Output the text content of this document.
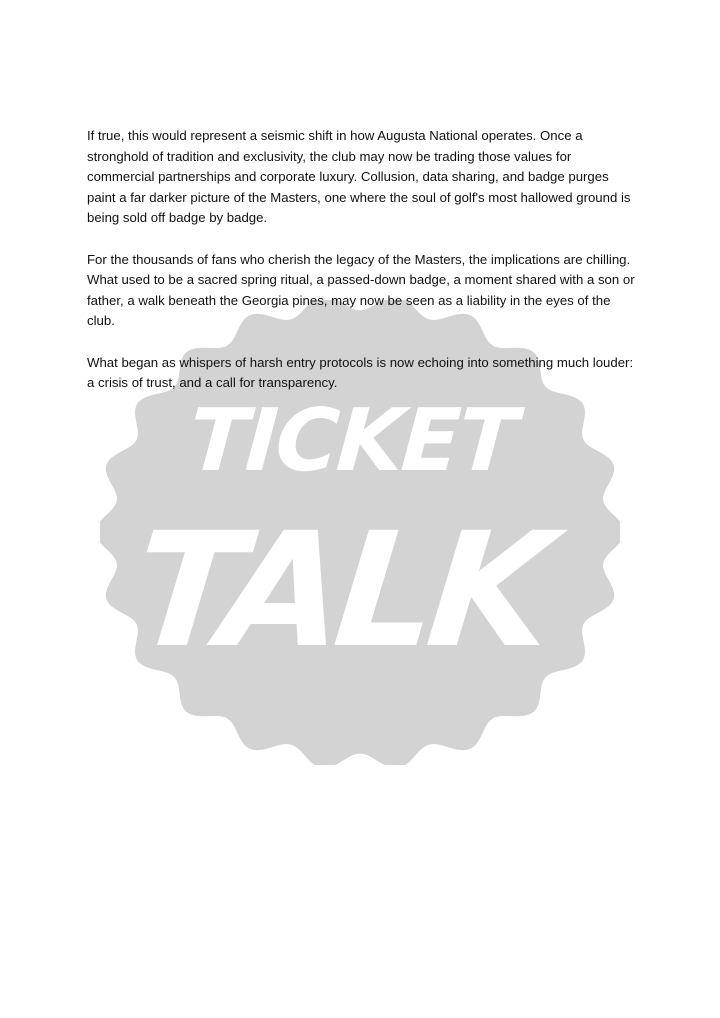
TICKET
TALK

If true, this would represent a seismic shift in how Augusta National operates. Once a stronghold of tradition and exclusivity, the club may now be trading those values for commercial partnerships and corporate luxury. Collusion, data sharing, and badge purges paint a far darker picture of the Masters, one where the soul of golf's most hallowed ground is being sold off badge by badge.

For the thousands of fans who cherish the legacy of the Masters, the implications are chilling. What used to be a sacred spring ritual, a passed-down badge, a moment shared with a son or father, a walk beneath the Georgia pines, may now be seen as a liability in the eyes of the club.

What began as whispers of harsh entry protocols is now echoing into something much louder: a crisis of trust, and a call for transparency.
